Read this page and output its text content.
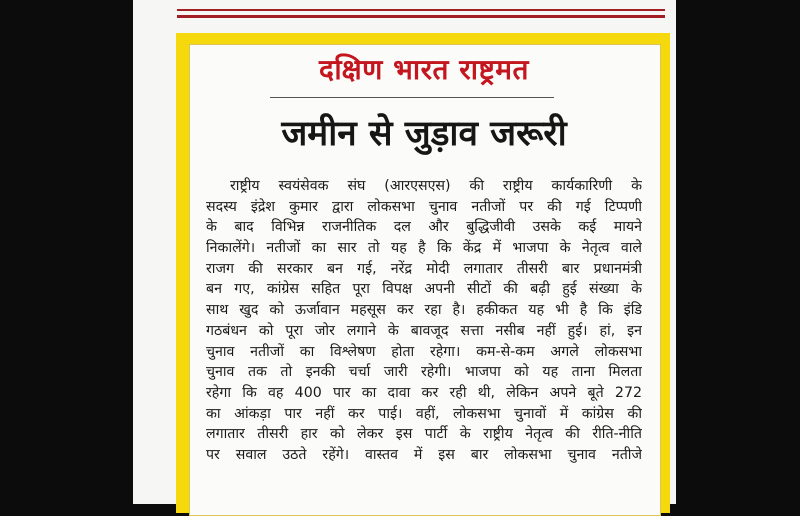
दक्षिण भारत राष्ट्रमत
जमीन से जुड़ाव जरूरी
राष्ट्रीय स्वयंसेवक संघ (आरएसएस) की राष्ट्रीय कार्यकारिणी के
सदस्य इंद्रेश कुमार द्वारा लोकसभा चुनाव नतीजों पर की गई टिप्पणी
के बाद विभिन्न राजनीतिक दल और बुद्धिजीवी उसके कई मायने
निकालेंगे। नतीजों का सार तो यह है कि केंद्र में भाजपा के नेतृत्व वाले
राजग की सरकार बन गई, नरेंद्र मोदी लगातार तीसरी बार प्रधानमंत्री
बन गए, कांग्रेस सहित पूरा विपक्ष अपनी सीटों की बढ़ी हुई संख्या के
साथ खुद को ऊर्जावान महसूस कर रहा है। हकीकत यह भी है कि इंडि
गठबंधन को पूरा जोर लगाने के बावजूद सत्ता नसीब नहीं हुई। हां, इन
चुनाव नतीजों का विश्लेषण होता रहेगा। कम-से-कम अगले लोकसभा
चुनाव तक तो इनकी चर्चा जारी रहेगी। भाजपा को यह ताना मिलता
रहेगा कि वह 400 पार का दावा कर रही थी, लेकिन अपने बूते 272
का आंकड़ा पार नहीं कर पाई। वहीं, लोकसभा चुनावों में कांग्रेस की
लगातार तीसरी हार को लेकर इस पार्टी के राष्ट्रीय नेतृत्व की रीति-नीति
पर सवाल उठते रहेंगे। वास्तव में इस बार लोकसभा चुनाव नतीजे
